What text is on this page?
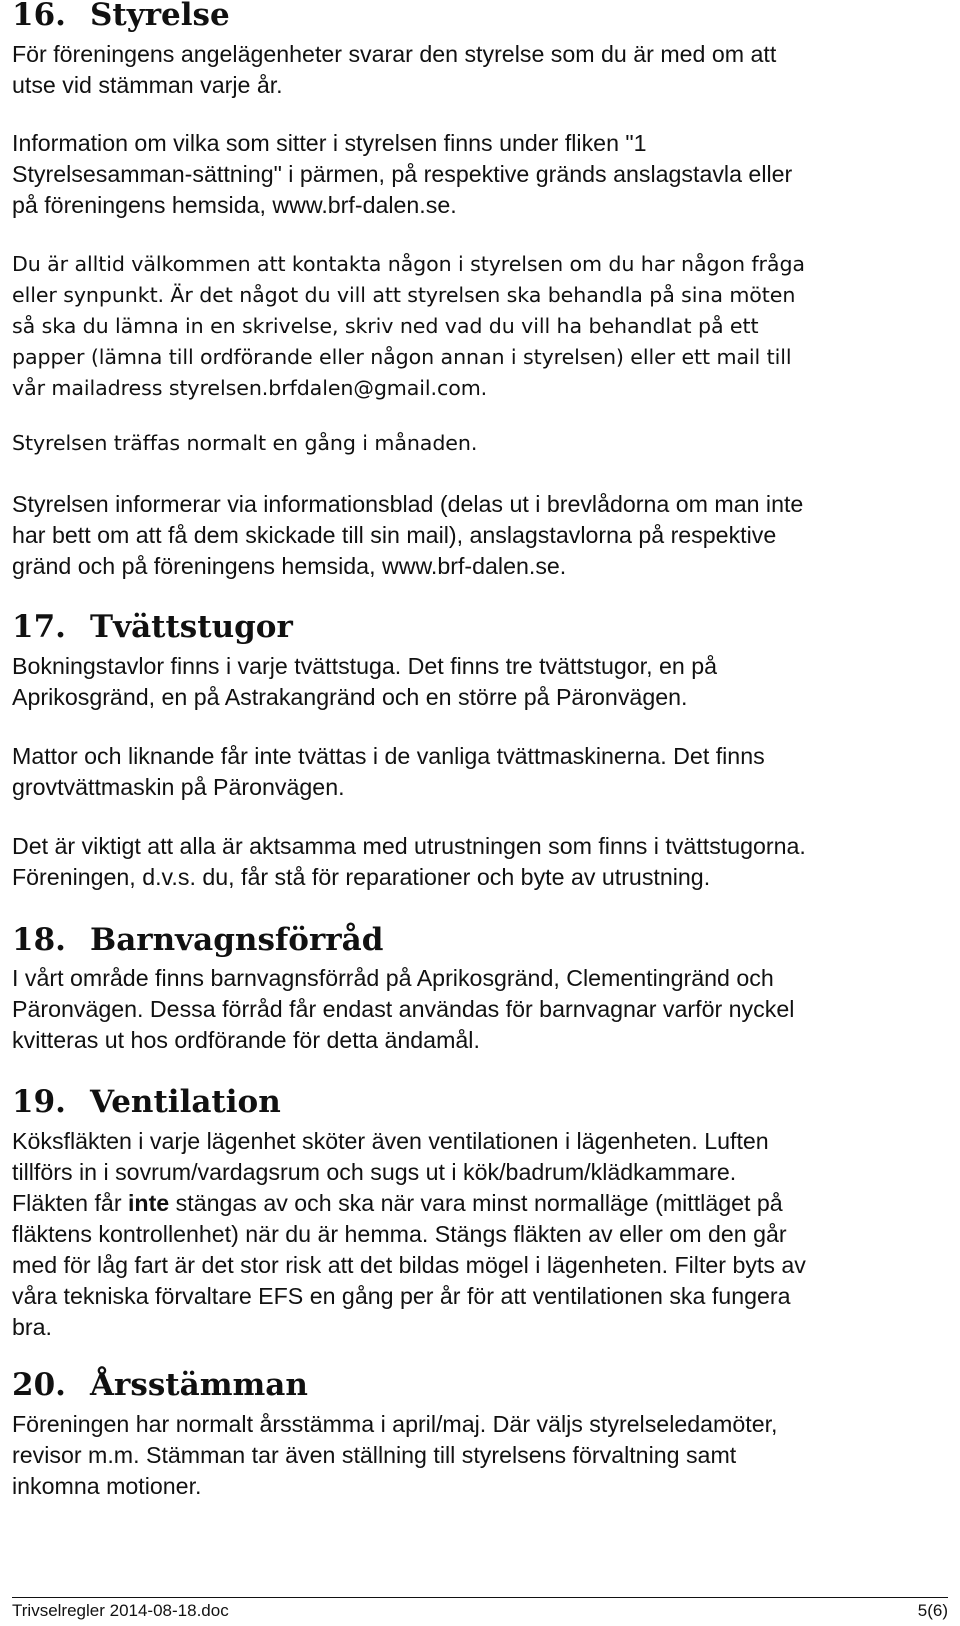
16. Styrelse

För föreningens angelägenheter svarar den styrelse som du är med om att

utse vid stämman varje år.

Information om vilka som sitter i styrelsen finns under fliken "1

Styrelsesamman-sättning" i pärmen, på respektive gränds anslagstavla eller

på föreningens hemsida, www.brf-dalen.se.

Du är alltid välkommen att kontakta någon i styrelsen om du har någon fråga

eller synpunkt. Är det något du vill att styrelsen ska behandla på sina möten

så ska du lämna in en skrivelse, skriv ned vad du vill ha behandlat på ett

papper (lämna till ordförande eller någon annan i styrelsen) eller ett mail till

vår mailadress styrelsen.brfdalen@gmail.com.

Styrelsen träffas normalt en gång i månaden.

Styrelsen informerar via informationsblad (delas ut i brevlådorna om man inte

har bett om att få dem skickade till sin mail), anslagstavlorna på respektive

gränd och på föreningens hemsida, www.brf-dalen.se.

17. Tvättstugor

Bokningstavlor finns i varje tvättstuga. Det finns tre tvättstugor, en på

Aprikosgränd, en på Astrakangränd och en större på Päronvägen.

Mattor och liknande får inte tvättas i de vanliga tvättmaskinerna. Det finns

grovtvättmaskin på Päronvägen.

Det är viktigt att alla är aktsamma med utrustningen som finns i tvättstugorna.

Föreningen, d.v.s. du, får stå för reparationer och byte av utrustning.

18. Barnvagnsförråd

I vårt område finns barnvagnsförråd på Aprikosgränd, Clementingränd och

Päronvägen. Dessa förråd får endast användas för barnvagnar varför nyckel

kvitteras ut hos ordförande för detta ändamål.

19. Ventilation

Köksfläkten i varje lägenhet sköter även ventilationen i lägenheten. Luften

tillförs in i sovrum/vardagsrum och sugs ut i kök/badrum/klädkammare.

Fläkten får inte stängas av och ska när vara minst normalläge (mittläget på

fläktens kontrollenhet) när du är hemma. Stängs fläkten av eller om den går

med för låg fart är det stor risk att det bildas mögel i lägenheten. Filter byts av

våra tekniska förvaltare EFS en gång per år för att ventilationen ska fungera

bra.

20. Årsstämman

Föreningen har normalt årsstämma i april/maj. Där väljs styrelseledamöter,

revisor m.m. Stämman tar även ställning till styrelsens förvaltning samt

inkomna motioner.

Trivselregler 2014-08-18.doc	5(6)
